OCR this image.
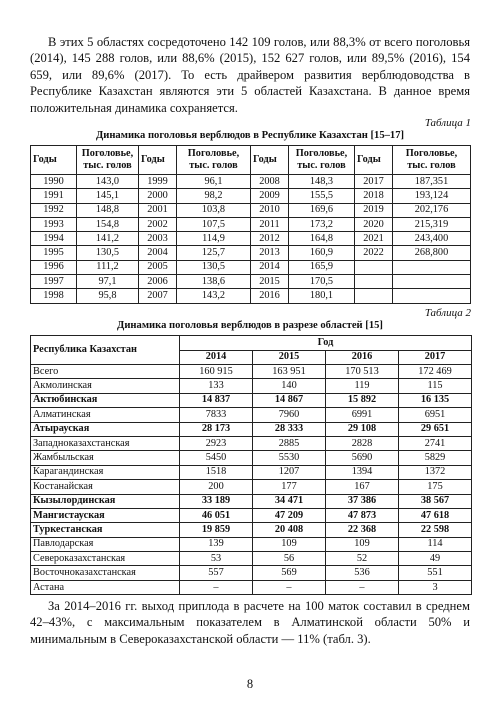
В этих 5 областях сосредоточено 142 109 голов, или 88,3% от всего поголовья (2014), 145 288 голов, или 88,6% (2015), 152 627 голов, или 89,5% (2016), 154 659, или 89,6% (2017). То есть драйвером развития верблюдоводства в Республике Казахстан являются эти 5 областей Казахстана. В данное время положительная динамика сохраняется.

Таблица 1

Динамика поголовья верблюдов в Республике Казахстан [15–17]

Годы	Поголовье, тыс. голов	Годы	Поголовье, тыс. голов	Годы	Поголовье, тыс. голов	Годы	Поголовье, тыс. голов
1990	143,0	1999	96,1	2008	148,3	2017	187,351
1991	145,1	2000	98,2	2009	155,5	2018	193,124
1992	148,8	2001	103,8	2010	169,6	2019	202,176
1993	154,8	2002	107,5	2011	173,2	2020	215,319
1994	141,2	2003	114,9	2012	164,8	2021	243,400
1995	130,5	2004	125,7	2013	160,9	2022	268,800
1996	111,2	2005	130,5	2014	165,9		
1997	97,1	2006	138,6	2015	170,5		
1998	95,8	2007	143,2	2016	180,1		

Таблица 2

Динамика поголовья верблюдов в разрезе областей [15]

Республика Казахстан	Год			
	2014	2015	2016	2017
Всего	160 915	163 951	170 513	172 469
Акмолинская	133	140	119	115
Актюбинская	14 837	14 867	15 892	16 135
Алматинская	7833	7960	6991	6951
Атырауская	28 173	28 333	29 108	29 651
Западноказахстанская	2923	2885	2828	2741
Жамбыльская	5450	5530	5690	5829
Карагандинская	1518	1207	1394	1372
Костанайская	200	177	167	175
Кызылординская	33 189	34 471	37 386	38 567
Мангистауская	46 051	47 209	47 873	47 618
Туркестанская	19 859	20 408	22 368	22 598
Павлодарская	139	109	109	114
Североказахстанская	53	56	52	49
Восточноказахстанская	557	569	536	551
Астана	–	–	–	3

За 2014–2016 гг. выход приплода в расчете на 100 маток составил в среднем 42–43%, с максимальным показателем в Алматинской области 50% и минимальным в Североказахстанской области — 11% (табл. 3).

8
